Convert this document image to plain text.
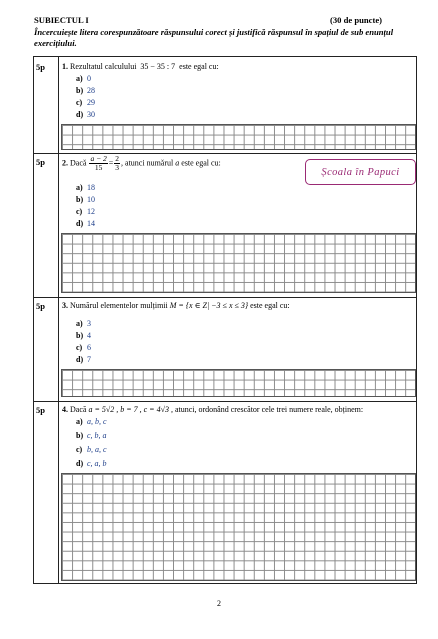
SUBIECTUL I	(30 de puncte)
Încercuiește litera corespunzătoare răspunsului corect și justifică răspunsul în spațiul de sub enunțul
exercițiului.
5p 1. Rezultatul calculului 35 − 35 : 7 este egal cu:
a) 0
b) 28
c) 29
d) 30
5p 2. Dacă $\frac{a - 2}{15} = \frac{2}{3}$ , atunci numărul a este egal cu:
a) 18
b) 10
c) 12
d) 14
5p 3. Numărul elementelor mulțimii M = {x ∈ Z| −3 ≤ x ≤ 3} este egal cu:
a) 3
b) 4
c) 6
d) 7
5p 4. Dacă a = 5√2 , b = 7 , c = 4√3 , atunci, ordonând crescător cele trei numere reale, obținem:
a) a, b, c
b) c, b, a
c) b, a, c
d) c, a, b
Școala în Papuci
2
